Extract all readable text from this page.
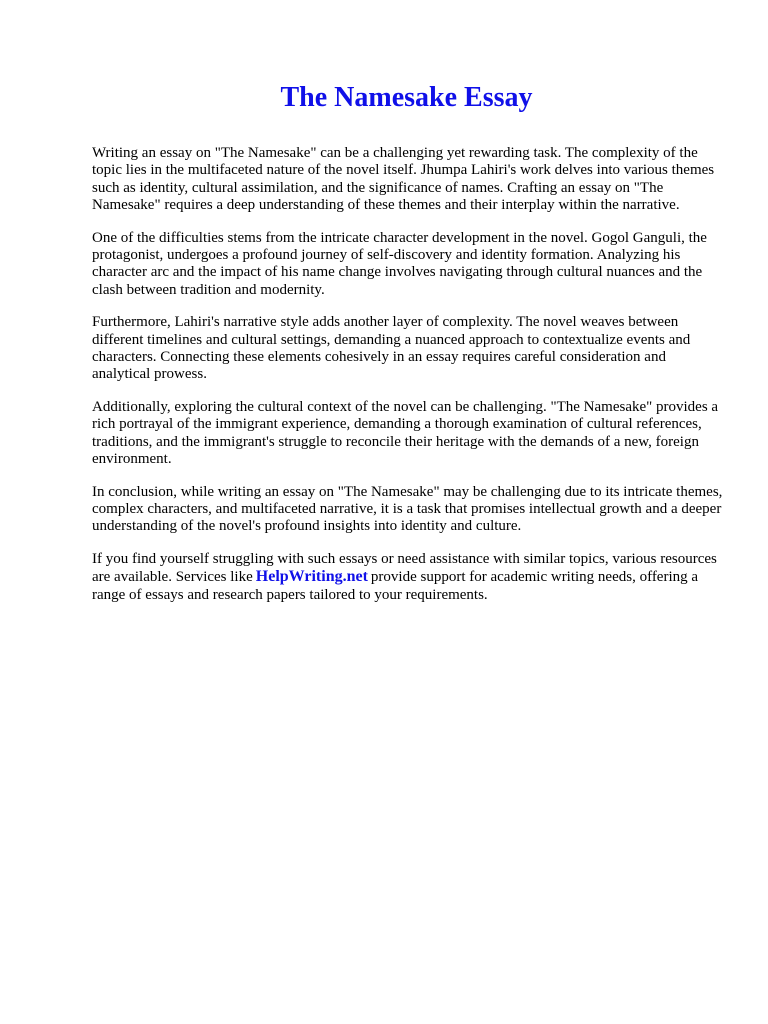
The Namesake Essay

Writing an essay on "The Namesake" can be a challenging yet rewarding task. The complexity of the topic lies in the multifaceted nature of the novel itself. Jhumpa Lahiri's work delves into various themes such as identity, cultural assimilation, and the significance of names. Crafting an essay on "The Namesake" requires a deep understanding of these themes and their interplay within the narrative.

One of the difficulties stems from the intricate character development in the novel. Gogol Ganguli, the protagonist, undergoes a profound journey of self-discovery and identity formation. Analyzing his character arc and the impact of his name change involves navigating through cultural nuances and the clash between tradition and modernity.

Furthermore, Lahiri's narrative style adds another layer of complexity. The novel weaves between different timelines and cultural settings, demanding a nuanced approach to contextualize events and characters. Connecting these elements cohesively in an essay requires careful consideration and analytical prowess.

Additionally, exploring the cultural context of the novel can be challenging. "The Namesake" provides a rich portrayal of the immigrant experience, demanding a thorough examination of cultural references, traditions, and the immigrant's struggle to reconcile their heritage with the demands of a new, foreign environment.

In conclusion, while writing an essay on "The Namesake" may be challenging due to its intricate themes, complex characters, and multifaceted narrative, it is a task that promises intellectual growth and a deeper understanding of the novel's profound insights into identity and culture.

If you find yourself struggling with such essays or need assistance with similar topics, various resources are available. Services like HelpWriting.net provide support for academic writing needs, offering a range of essays and research papers tailored to your requirements.
